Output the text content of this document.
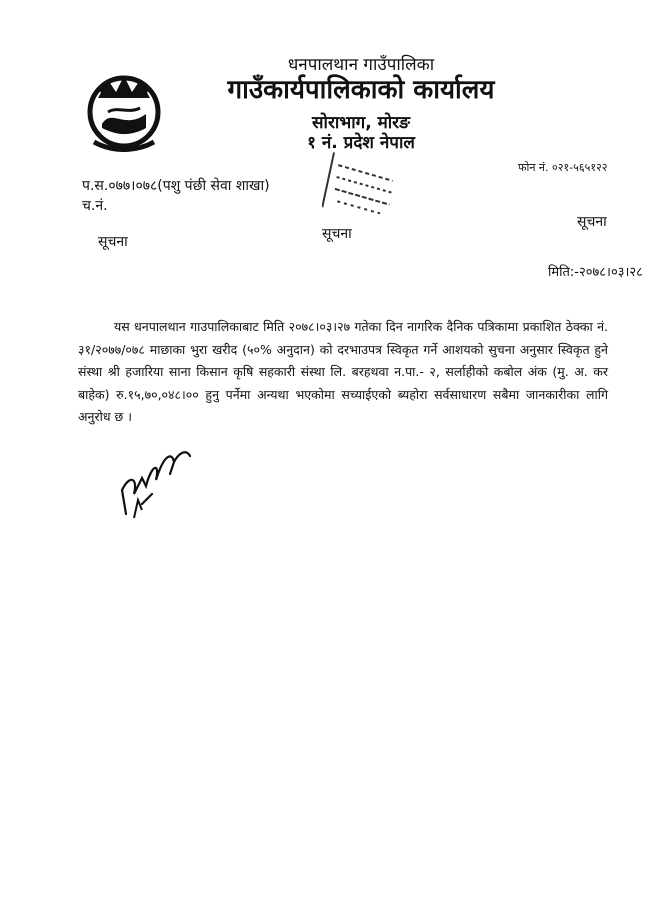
धनपालथान गाउँपालिका
गाउँकार्यपालिकाको कार्यालय
सोराभाग, मोरङ
१ नं. प्रदेश नेपाल
फोन नं. ०२१-५६५१२२
प.स.०७७।०७८(पशु पंछी सेवा शाखा)
च.नं.
सूचना	सूचना
सूचना
मिति:-२०७८।०३।२८

यस धनपालथान गाउपालिकाबाट मिति २०७८।०३।२७ गतेका दिन नागरिक दैनिक पत्रिकामा प्रकाशित ठेक्का नं. ३१/२०७७/०७८ माछाका भुरा खरीद (५०% अनुदान) को दरभाउपत्र स्विकृत गर्ने आशयको सुचना अनुसार स्विकृत हुने संस्था श्री हजारिया साना किसान कृषि सहकारी संस्था लि. बरहथवा न.पा.- २, सर्लाहीको कबोल अंक (मु. अ. कर बाहेक) रु.१५,७०,०४८।०० हुनु पर्नेमा अन्यथा भएकोमा सच्याईएको ब्यहोरा सर्वसाधारण सबैमा जानकारीका लागि अनुरोध छ ।
